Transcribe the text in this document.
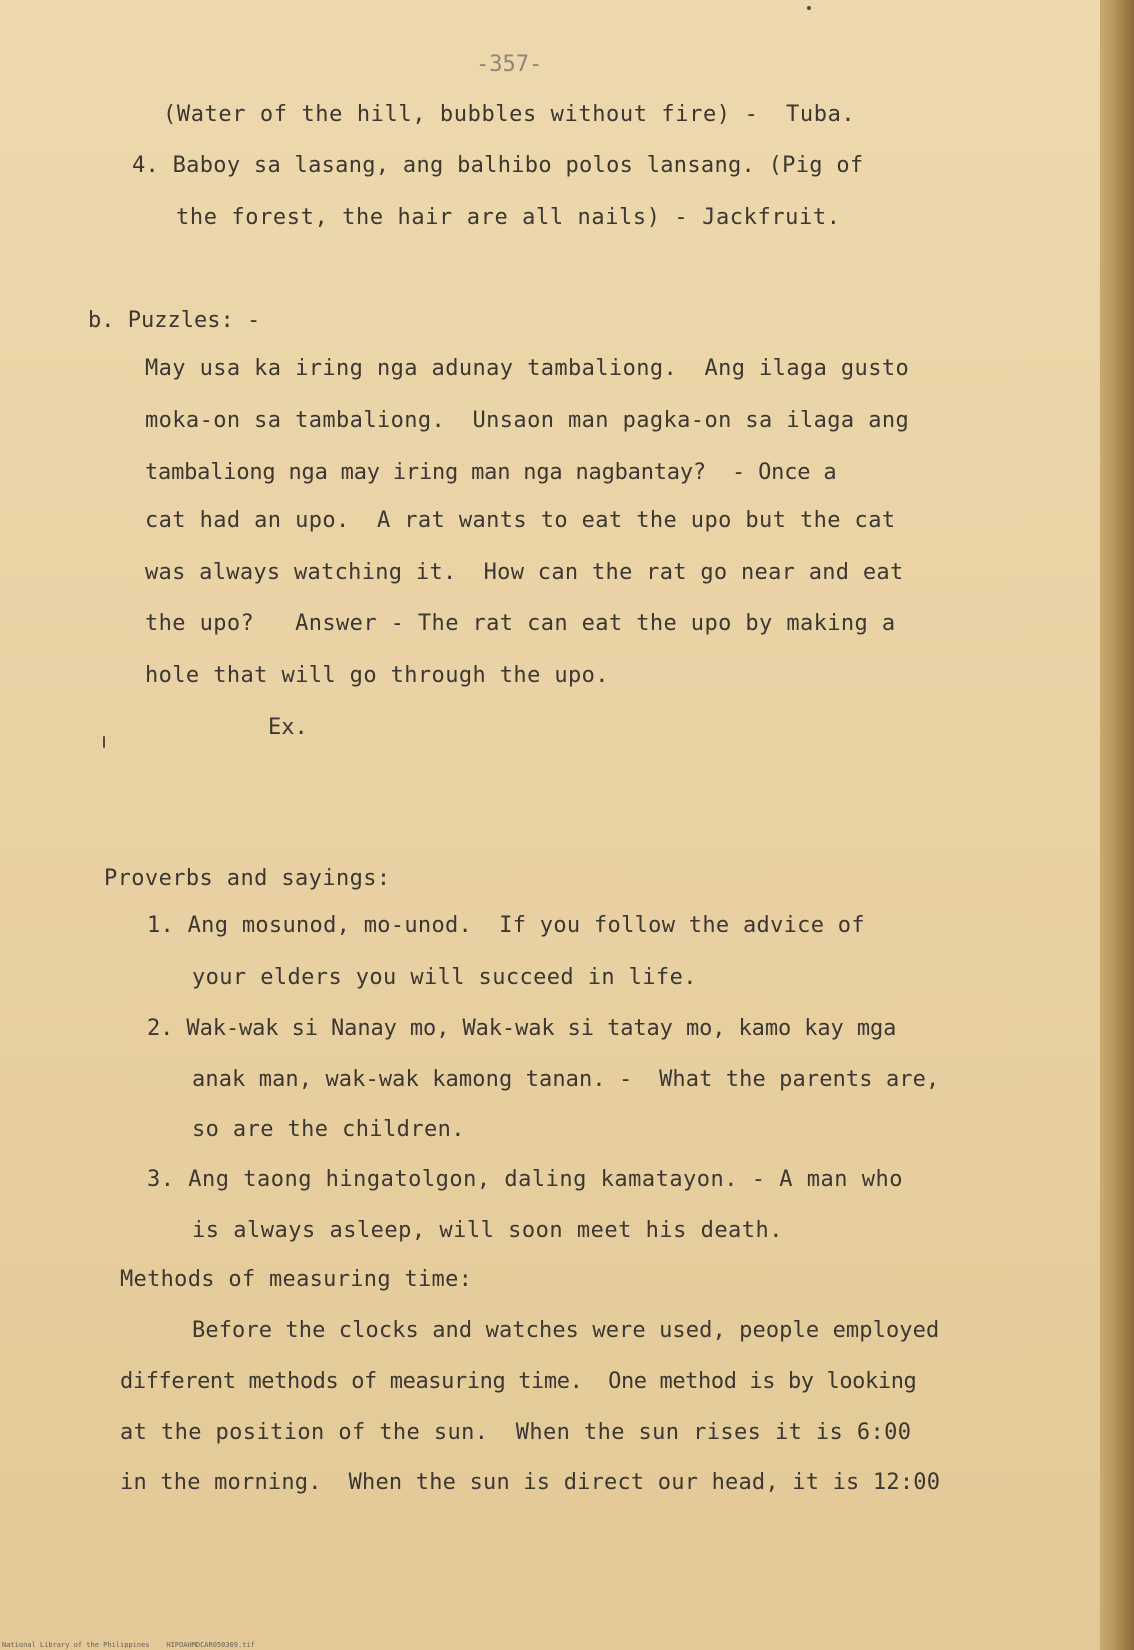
-357-
(Water of the hill, bubbles without fire) -  Tuba.
4. Baboy sa lasang, ang balhibo polos lansang. (Pig of
the forest, the hair are all nails) - Jackfruit.
b. Puzzles: -
May usa ka iring nga adunay tambaliong.  Ang ilaga gusto
moka-on sa tambaliong.  Unsaon man pagka-on sa ilaga ang
tambaliong nga may iring man nga nagbantay?  - Once a
cat had an upo.  A rat wants to eat the upo but the cat
was always watching it.  How can the rat go near and eat
the upo?   Answer - The rat can eat the upo by making a
hole that will go through the upo.
Ex.
Proverbs and sayings:
1. Ang mosunod, mo-unod.  If you follow the advice of
your elders you will succeed in life.
2. Wak-wak si Nanay mo, Wak-wak si tatay mo, kamo kay mga
anak man, wak-wak kamong tanan. -  What the parents are,
so are the children.
3. Ang taong hingatolgon, daling kamatayon. - A man who
is always asleep, will soon meet his death.
Methods of measuring time:
Before the clocks and watches were used, people employed
different methods of measuring time.  One method is by looking
at the position of the sun.  When the sun rises it is 6:00
in the morning.  When the sun is direct our head, it is 12:00
National Library of the Philippines    HIPOAHMDCAR050369.tif
